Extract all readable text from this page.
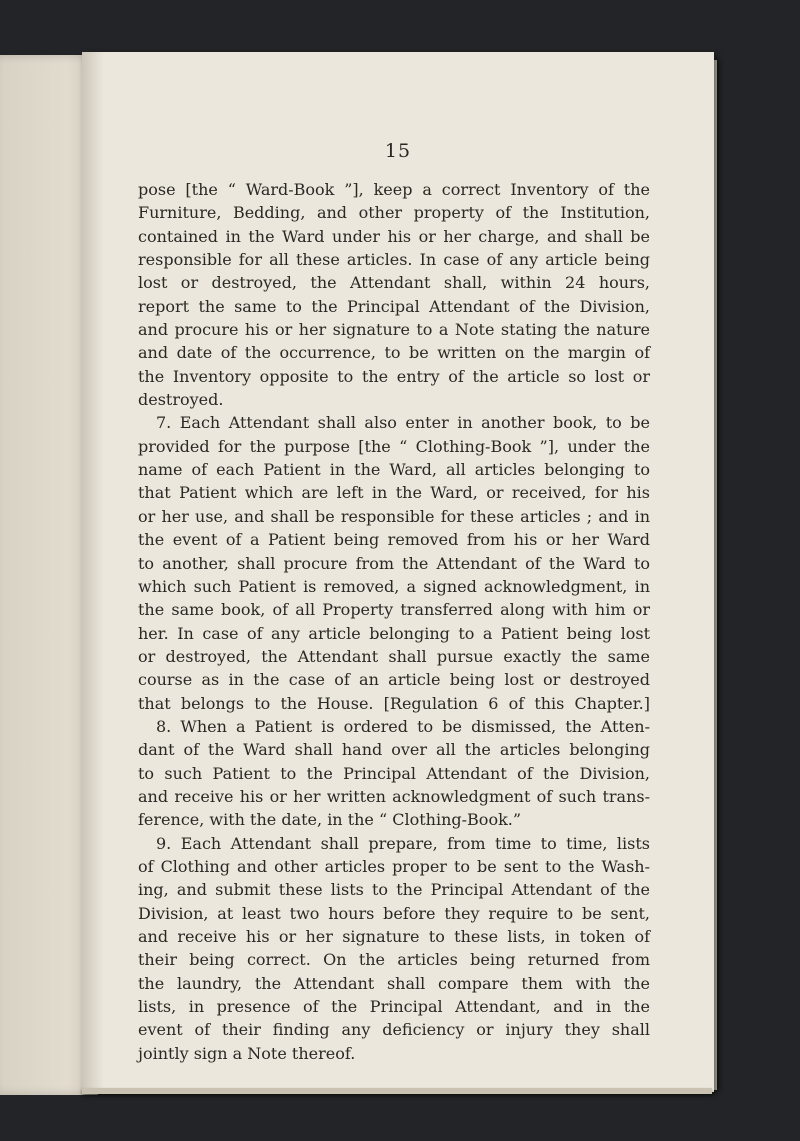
15
pose [the “ Ward-Book ”], keep a correct Inventory of the
Furniture, Bedding, and other property of the Institution,
contained in the Ward under his or her charge, and shall be
responsible for all these articles. In case of any article being
lost or destroyed, the Attendant shall, within 24 hours,
report the same to the Principal Attendant of the Division,
and procure his or her signature to a Note stating the nature
and date of the occurrence, to be written on the margin of
the Inventory opposite to the entry of the article so lost or
destroyed.
7. Each Attendant shall also enter in another book, to be
provided for the purpose [the “ Clothing-Book ”], under the
name of each Patient in the Ward, all articles belonging to
that Patient which are left in the Ward, or received, for his
or her use, and shall be responsible for these articles ; and in
the event of a Patient being removed from his or her Ward
to another, shall procure from the Attendant of the Ward to
which such Patient is removed, a signed acknowledgment, in
the same book, of all Property transferred along with him or
her. In case of any article belonging to a Patient being lost
or destroyed, the Attendant shall pursue exactly the same
course as in the case of an article being lost or destroyed
that belongs to the House. [Regulation 6 of this Chapter.]
8. When a Patient is ordered to be dismissed, the Atten-
dant of the Ward shall hand over all the articles belonging
to such Patient to the Principal Attendant of the Division,
and receive his or her written acknowledgment of such trans-
ference, with the date, in the “ Clothing-Book.”
9. Each Attendant shall prepare, from time to time, lists
of Clothing and other articles proper to be sent to the Wash-
ing, and submit these lists to the Principal Attendant of the
Division, at least two hours before they require to be sent,
and receive his or her signature to these lists, in token of
their being correct. On the articles being returned from
the laundry, the Attendant shall compare them with the
lists, in presence of the Principal Attendant, and in the
event of their finding any deficiency or injury they shall
jointly sign a Note thereof.
